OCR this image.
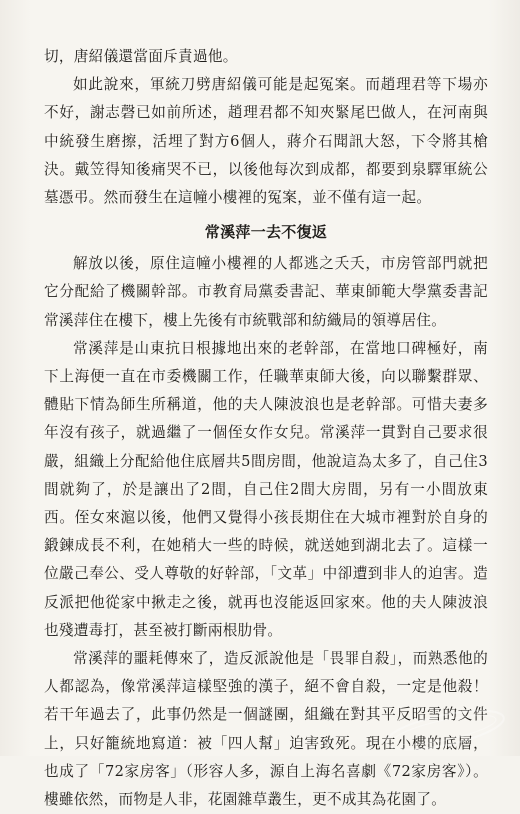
切，唐紹儀還當面斥責過他。

如此說來，軍統刀劈唐紹儀可能是起冤案。而趙理君等下場亦不好，謝志磬已如前所述，趙理君都不知夾緊尾巴做人，在河南與中統發生磨擦，活埋了對方6個人，蔣介石聞訊大怒，下令將其槍決。戴笠得知後痛哭不已，以後他每次到成都，都要到泉驛軍統公墓憑弔。然而發生在這幢小樓裡的冤案，並不僅有這一起。

常溪萍一去不復返

解放以後，原住這幢小樓裡的人都逃之夭夭，市房管部門就把它分配給了機關幹部。市教育局黨委書記、華東師範大學黨委書記常溪萍住在樓下，樓上先後有市統戰部和紡織局的領導居住。

常溪萍是山東抗日根據地出來的老幹部，在當地口碑極好，南下上海便一直在市委機關工作，任職華東師大後，向以聯繫群眾、體貼下情為師生所稱道，他的夫人陳波浪也是老幹部。可惜夫妻多年沒有孩子，就過繼了一個侄女作女兒。常溪萍一貫對自己要求很嚴，組織上分配給他住底層共5間房間，他說這為太多了，自己住3間就夠了，於是讓出了2間，自己住2間大房間，另有一小間放東西。侄女來滬以後，他們又覺得小孩長期住在大城市裡對於自身的鍛鍊成長不利，在她稍大一些的時候，就送她到湖北去了。這樣一位嚴己奉公、受人尊敬的好幹部，「文革」中卻遭到非人的迫害。造反派把他從家中揪走之後，就再也沒能返回家來。他的夫人陳波浪也殘遭毒打，甚至被打斷兩根肋骨。

常溪萍的噩耗傳來了，造反派說他是「畏罪自殺」，而熟悉他的人都認為，像常溪萍這樣堅強的漢子，絕不會自殺，一定是他殺！若干年過去了，此事仍然是一個謎團，組織在對其平反昭雪的文件上，只好籠統地寫道：被「四人幫」迫害致死。現在小樓的底層，也成了「72家房客」（形容人多，源自上海名喜劇《72家房客》）。樓雖依然，而物是人非，花園雜草叢生，更不成其為花園了。
